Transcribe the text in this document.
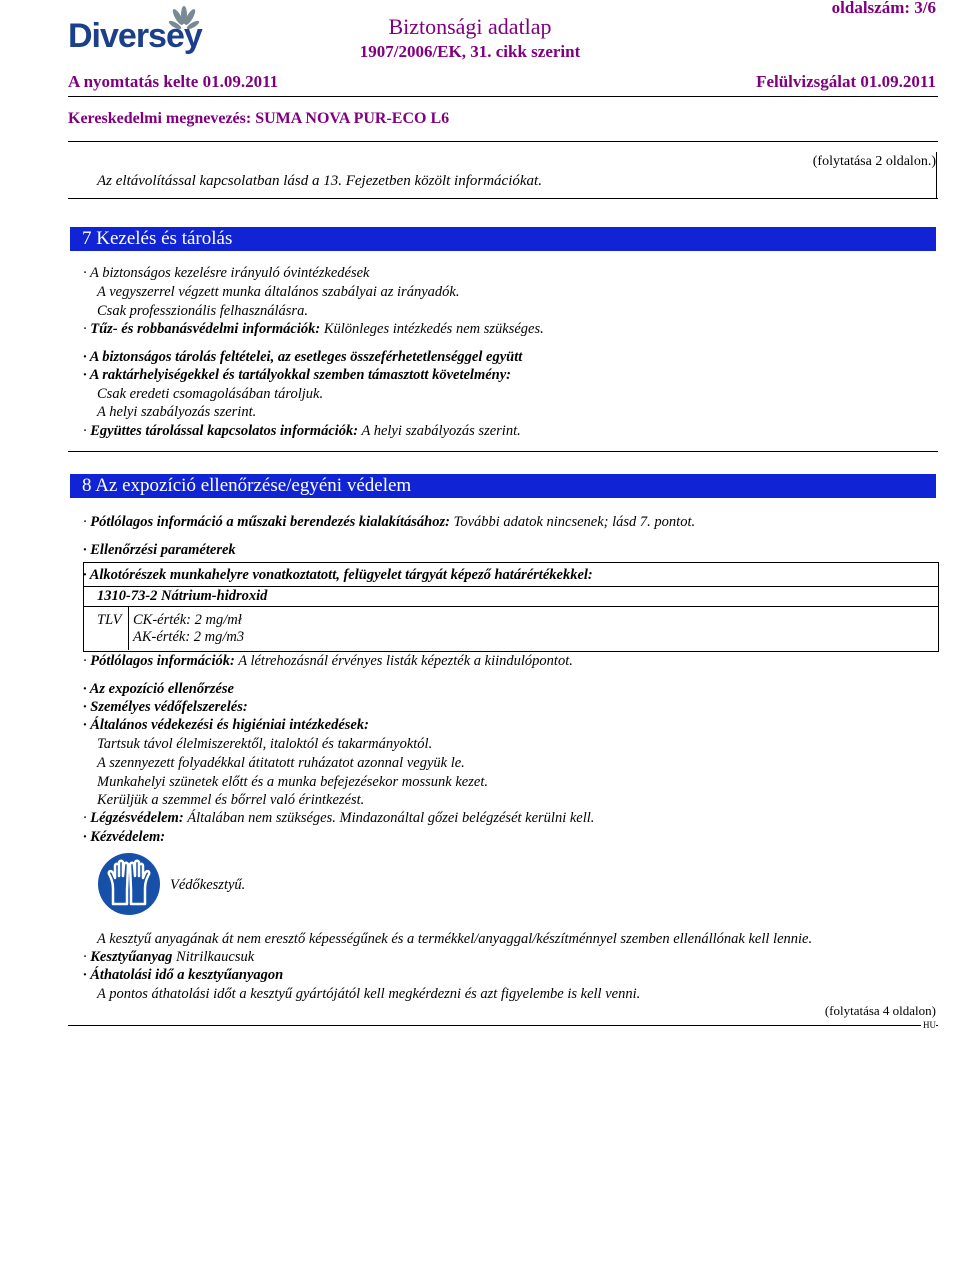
Diversey	Biztonsági adatlap
1907/2006/EK, 31. cikk szerint
oldalszám: 3/6
A nyomtatás kelte 01.09.2011	Felülvizsgálat 01.09.2011
Kereskedelmi megnevezés: SUMA NOVA PUR-ECO L6
(folytatása 2 oldalon.)
Az eltávolítással kapcsolatban lásd a 13. Fejezetben közölt információkat.
7 Kezelés és tárolás
· A biztonságos kezelésre irányuló óvintézkedések
A vegyszerrel végzett munka általános szabályai az irányadók.
Csak professzionális felhasználásra.
· Tűz- és robbanásvédelmi információk: Különleges intézkedés nem szükséges.
· A biztonságos tárolás feltételei, az esetleges összeférhetetlenséggel együtt
· A raktárhelyiségekkel és tartályokkal szemben támasztott követelmény:
Csak eredeti csomagolásában tároljuk.
A helyi szabályozás szerint.
· Együttes tárolással kapcsolatos információk: A helyi szabályozás szerint.
8 Az expozíció ellenőrzése/egyéni védelem
· Pótlólagos információ a műszaki berendezés kialakításához: További adatok nincsenek; lásd 7. pontot.
· Ellenőrzési paraméterek
· Alkotórészek munkahelyre vonatkoztatott, felügyelet tárgyát képező határértékekkel:
1310-73-2 Nátrium-hidroxid
TLV CK-érték: 2 mg/mł
AK-érték: 2 mg/m3
· Pótlólagos információk: A létrehozásnál érvényes listák képezték a kiindulópontot.
· Az expozíció ellenőrzése
· Személyes védőfelszerelés:
· Általános védekezési és higiéniai intézkedések:
Tartsuk távol élelmiszerektől, italoktól és takarmányoktól.
A szennyezett folyadékkal átitatott ruházatot azonnal vegyük le.
Munkahelyi szünetek előtt és a munka befejezésekor mossunk kezet.
Kerüljük a szemmel és bőrrel való érintkezést.
· Légzésvédelem: Általában nem szükséges. Mindazonáltal gőzei belégzését kerülni kell.
· Kézvédelem:
Védőkesztyű.
A kesztyű anyagának át nem eresztő képességűnek és a termékkel/anyaggal/készítménnyel szemben ellenállónak kell lennie.
· Kesztyűanyag Nitrilkaucsuk
· Áthatolási idő a kesztyűanyagon
A pontos áthatolási időt a kesztyű gyártójától kell megkérdezni és azt figyelembe is kell venni.
(folytatása 4 oldalon)
HU
